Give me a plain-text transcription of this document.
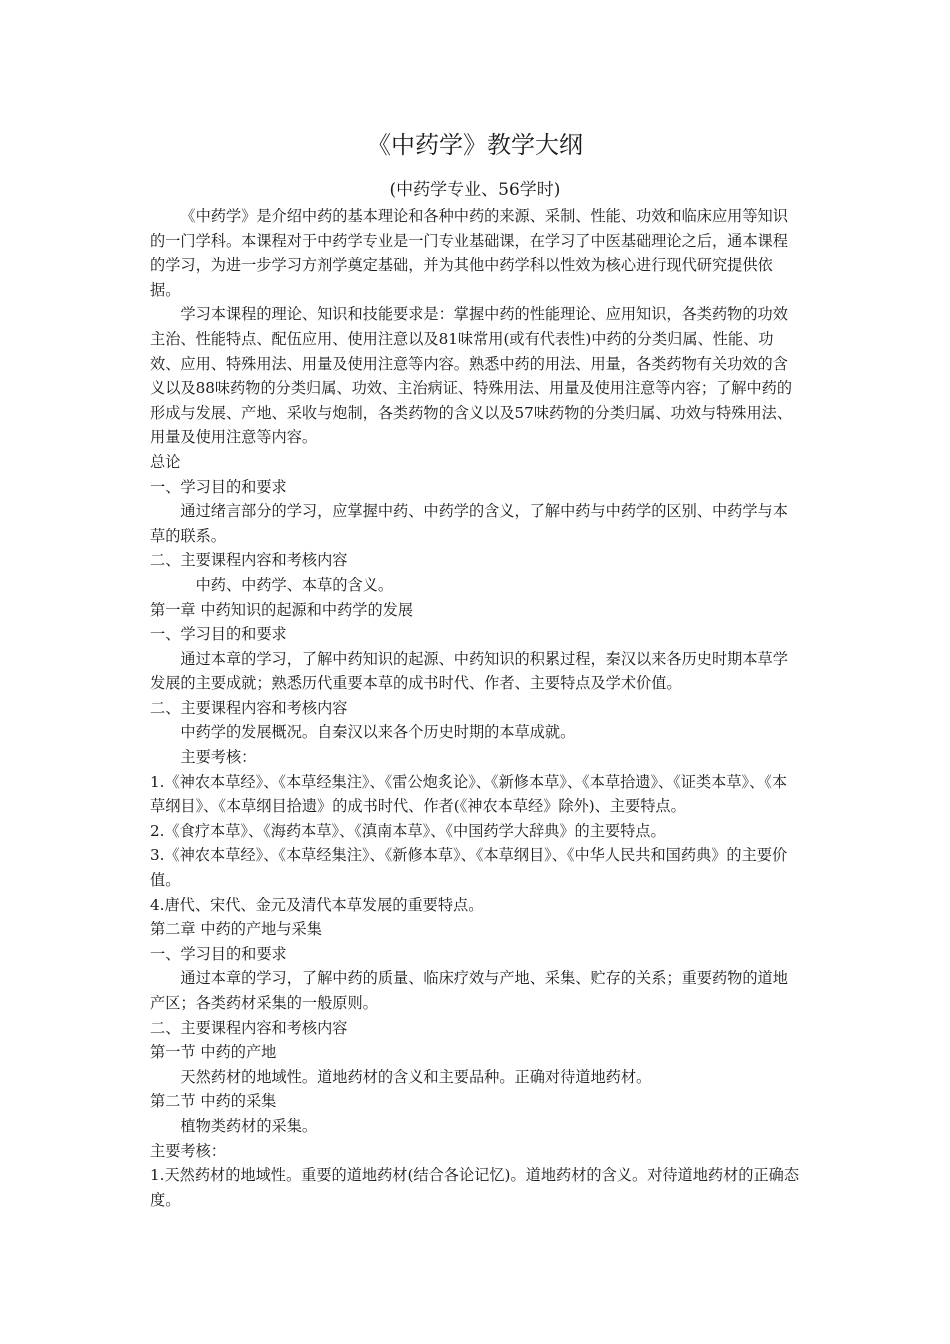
《中药学》教学大纲
(中药学专业、56学时)

《中药学》是介绍中药的基本理论和各种中药的来源、采制、性能、功效和临床应用等知识的一门学科。本课程对于中药学专业是一门专业基础课，在学习了中医基础理论之后，通本课程的学习，为进一步学习方剂学奠定基础，并为其他中药学科以性效为核心进行现代研究提供依据。

学习本课程的理论、知识和技能要求是：掌握中药的性能理论、应用知识，各类药物的功效主治、性能特点、配伍应用、使用注意以及81味常用(或有代表性)中药的分类归属、性能、功效、应用、特殊用法、用量及使用注意等内容。熟悉中药的用法、用量，各类药物有关功效的含义以及88味药物的分类归属、功效、主治病证、特殊用法、用量及使用注意等内容；了解中药的形成与发展、产地、采收与炮制，各类药物的含义以及57味药物的分类归属、功效与特殊用法、用量及使用注意等内容。

总论

一、学习目的和要求

通过绪言部分的学习，应掌握中药、中药学的含义，了解中药与中药学的区别、中药学与本草的联系。

二、主要课程内容和考核内容

中药、中药学、本草的含义。

第一章 中药知识的起源和中药学的发展

一、学习目的和要求

通过本章的学习，了解中药知识的起源、中药知识的积累过程，秦汉以来各历史时期本草学发展的主要成就；熟悉历代重要本草的成书时代、作者、主要特点及学术价值。

二、主要课程内容和考核内容

中药学的发展概况。自秦汉以来各个历史时期的本草成就。

主要考核：

1.《神农本草经》、《本草经集注》、《雷公炮炙论》、《新修本草》、《本草拾遗》、《证类本草》、《本草纲目》、《本草纲目拾遗》的成书时代、作者(《神农本草经》除外)、主要特点。

2.《食疗本草》、《海药本草》、《滇南本草》、《中国药学大辞典》的主要特点。

3.《神农本草经》、《本草经集注》、《新修本草》、《本草纲目》、《中华人民共和国药典》的主要价值。

4.唐代、宋代、金元及清代本草发展的重要特点。

第二章 中药的产地与采集

一、学习目的和要求

通过本章的学习，了解中药的质量、临床疗效与产地、采集、贮存的关系；重要药物的道地产区；各类药材采集的一般原则。

二、主要课程内容和考核内容

第一节 中药的产地

天然药材的地域性。道地药材的含义和主要品种。正确对待道地药材。

第二节 中药的采集

植物类药材的采集。

主要考核：

1.天然药材的地域性。重要的道地药材(结合各论记忆)。道地药材的含义。对待道地药材的正确态度。
